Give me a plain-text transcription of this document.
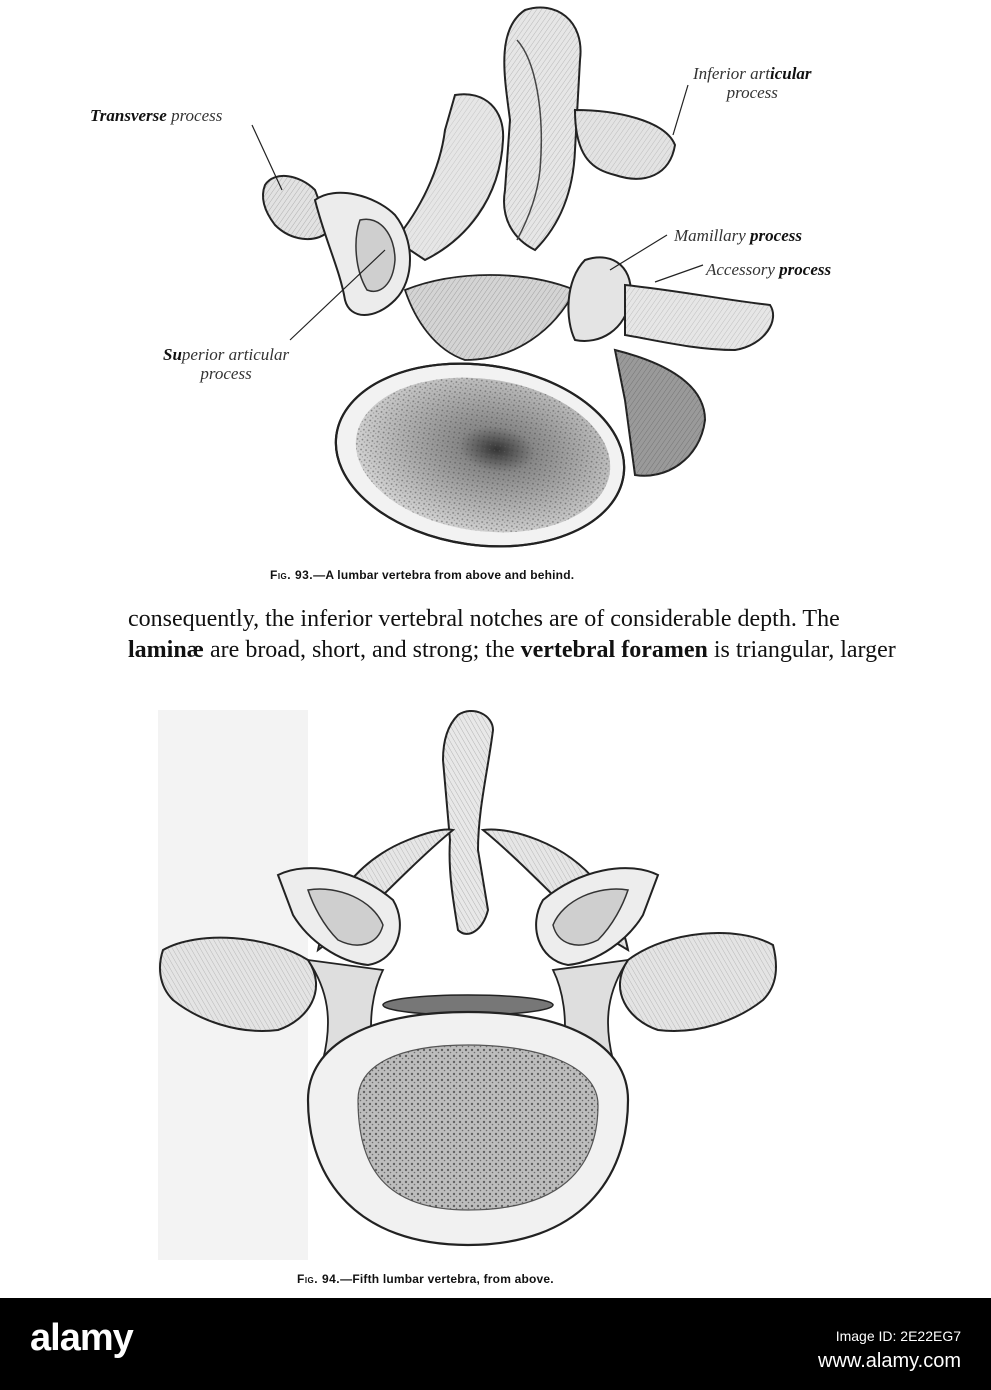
Transverse process
Superior articular
process
Inferior articular
process
Mamillary process
Accessory process
Fig. 93.—A lumbar vertebra from above and behind.
consequently, the inferior vertebral notches are of considerable depth. The
laminæ are broad, short, and strong; the vertebral foramen is triangular, larger
Fig. 94.—Fifth lumbar vertebra, from above.
alamy	Image ID: 2E22EG7
www.alamy.com
